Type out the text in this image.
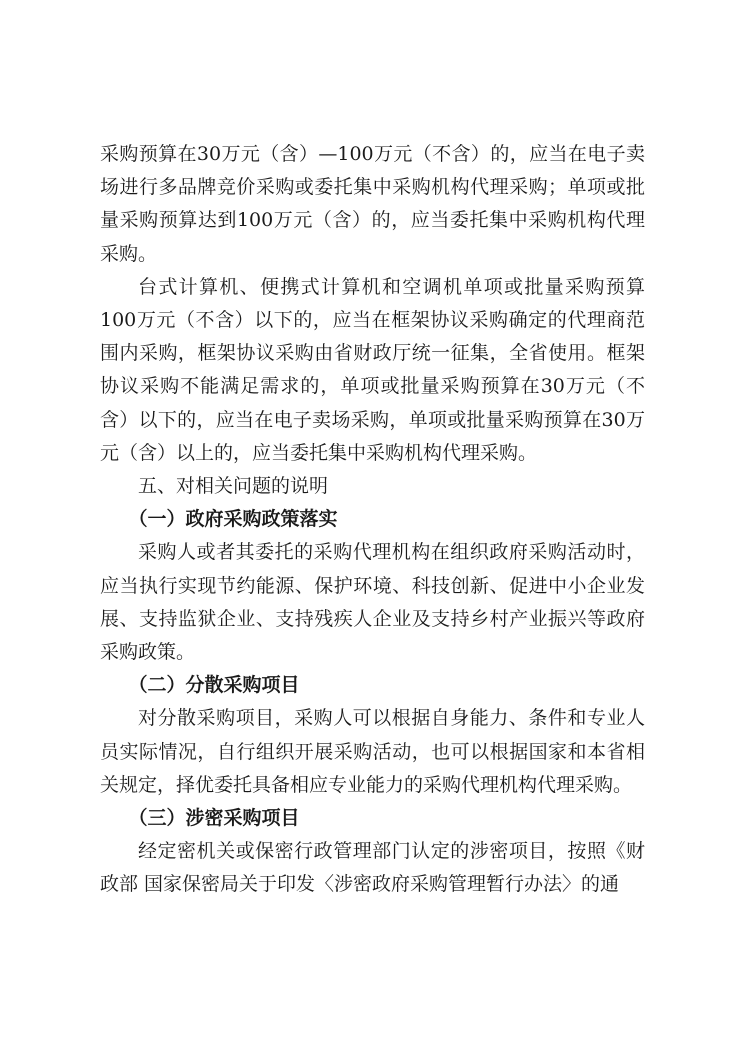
采购预算在30万元（含）—100万元（不含）的，应当在电子卖场进行多品牌竞价采购或委托集中采购机构代理采购；单项或批量采购预算达到100万元（含）的，应当委托集中采购机构代理采购。

台式计算机、便携式计算机和空调机单项或批量采购预算100万元（不含）以下的，应当在框架协议采购确定的代理商范围内采购，框架协议采购由省财政厅统一征集，全省使用。框架协议采购不能满足需求的，单项或批量采购预算在30万元（不含）以下的，应当在电子卖场采购，单项或批量采购预算在30万元（含）以上的，应当委托集中采购机构代理采购。

五、对相关问题的说明

（一）政府采购政策落实

采购人或者其委托的采购代理机构在组织政府采购活动时，应当执行实现节约能源、保护环境、科技创新、促进中小企业发展、支持监狱企业、支持残疾人企业及支持乡村产业振兴等政府采购政策。

（二）分散采购项目

对分散采购项目，采购人可以根据自身能力、条件和专业人员实际情况，自行组织开展采购活动，也可以根据国家和本省相关规定，择优委托具备相应专业能力的采购代理机构代理采购。

（三）涉密采购项目

经定密机关或保密行政管理部门认定的涉密项目，按照《财政部 国家保密局关于印发〈涉密政府采购管理暂行办法〉的通
